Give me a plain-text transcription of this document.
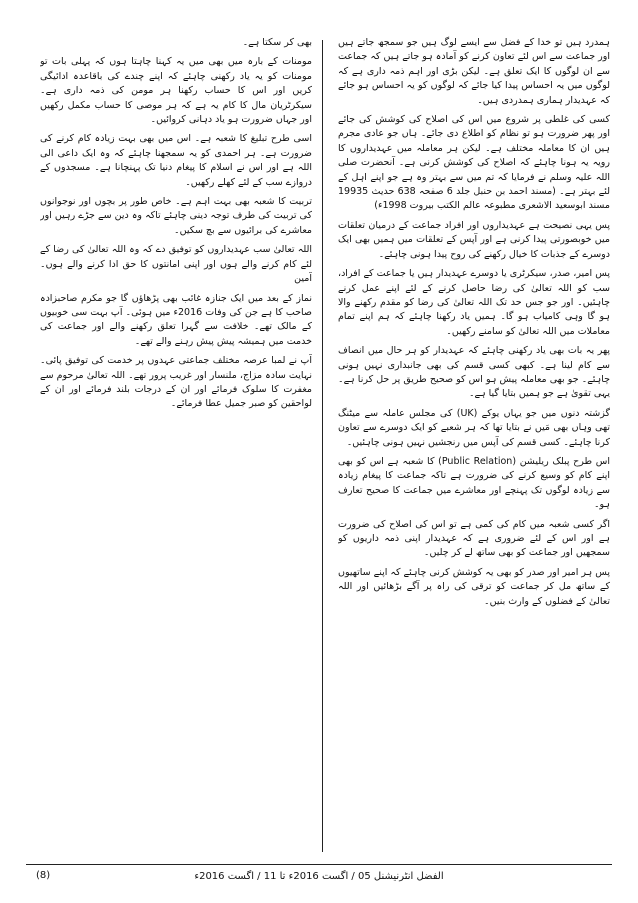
ہمدرد ہیں تو خدا کے فضل سے ایسے لوگ ہیں جو سمجھ جاتے ہیں اور جماعت سے اس لئے تعاون کرنے کو آمادہ ہو جاتے ہیں کہ جماعت سے ان لوگوں کا ایک تعلق ہے۔ لیکن بڑی اور اہم ذمہ داری ہے کہ لوگوں میں یہ احساس پیدا کیا جائے کہ لوگوں کو یہ احساس ہو جائے کہ عہدیدار ہماری ہمدردی ہیں۔

کسی کی غلطی پر شروع میں اس کی اصلاح کی کوشش کی جائے اور پھر ضرورت ہو تو نظام کو اطلاع دی جائے۔ ہاں جو عادی مجرم ہیں ان کا معاملہ مختلف ہے۔ لیکن ہر معاملہ میں عہدیداروں کا رویہ یہ ہونا چاہئے کہ اصلاح کی کوشش کرنی ہے۔ آنحضرت صلی اللہ علیہ وسلم نے فرمایا کہ تم میں سے بہتر وہ ہے جو اپنے اہل کے لئے بہتر ہے۔ (مسند احمد بن حنبل جلد 6 صفحہ 638 حدیث 19935 مسند ابوسعید الاشعری مطبوعہ عالم الکتب بیروت 1998ء)

پس یہی نصیحت ہے عہدیداروں اور افراد جماعت کے درمیان تعلقات میں خوبصورتی پیدا کرنی ہے اور آپس کے تعلقات میں ہمیں بھی ایک دوسرے کے جذبات کا خیال رکھنے کی روح پیدا ہونی چاہئے۔

پس امیر، صدر، سیکرٹری یا دوسرے عہدیدار ہیں یا جماعت کے افراد، سب کو اللہ تعالیٰ کی رضا حاصل کرنے کے لئے اپنے عمل کرنے چاہئیں۔ اور جو جس حد تک اللہ تعالیٰ کی رضا کو مقدم رکھنے والا ہو گا وہی کامیاب ہو گا۔ ہمیں یاد رکھنا چاہئے کہ ہم اپنے تمام معاملات میں اللہ تعالیٰ کو سامنے رکھیں۔

پھر یہ بات بھی یاد رکھنی چاہئے کہ عہدیدار کو ہر حال میں انصاف سے کام لینا ہے۔ کبھی کسی قسم کی بھی جانبداری نہیں ہونی چاہئے۔ جو بھی معاملہ پیش ہو اس کو صحیح طریق پر حل کرنا ہے۔ یہی تقویٰ ہے جو ہمیں بتایا گیا ہے۔

گزشتہ دنوں میں جو یہاں یوکے (UK) کی مجلس عاملہ سے میٹنگ تھی وہاں بھی مَیں نے بتایا تھا کہ ہر شعبے کو ایک دوسرے سے تعاون کرنا چاہئے۔ کسی قسم کی آپس میں رنجشیں نہیں ہونی چاہئیں۔

اس طرح پبلک ریلیشن (Public Relation) کا شعبہ ہے اس کو بھی اپنے کام کو وسیع کرنے کی ضرورت ہے تاکہ جماعت کا پیغام زیادہ سے زیادہ لوگوں تک پہنچے اور معاشرے میں جماعت کا صحیح تعارف ہو۔

اگر کسی شعبہ میں کام کی کمی ہے تو اس کی اصلاح کی ضرورت ہے اور اس کے لئے ضروری ہے کہ عہدیدار اپنی ذمہ داریوں کو سمجھیں اور جماعت کو بھی ساتھ لے کر چلیں۔

پس ہر امیر اور صدر کو بھی یہ کوشش کرنی چاہئے کہ اپنے ساتھیوں کے ساتھ مل کر جماعت کو ترقی کی راہ پر آگے بڑھائیں اور اللہ تعالیٰ کے فضلوں کے وارث بنیں۔

بھی کر سکتا ہے۔

مومنات کے بارہ میں بھی میں یہ کہنا چاہتا ہوں کہ پہلی بات تو مومنات کو یہ یاد رکھنی چاہئے کہ اپنے چندے کی باقاعدہ ادائیگی کریں اور اس کا حساب رکھنا ہر مومن کی ذمہ داری ہے۔ سیکرٹریان مال کا کام یہ ہے کہ ہر موصی کا حساب مکمل رکھیں اور جہاں ضرورت ہو یاد دہانی کروائیں۔

اسی طرح تبلیغ کا شعبہ ہے۔ اس میں بھی بہت زیادہ کام کرنے کی ضرورت ہے۔ ہر احمدی کو یہ سمجھنا چاہئے کہ وہ ایک داعی الی اللہ ہے اور اس نے اسلام کا پیغام دنیا تک پہنچانا ہے۔ مسجدوں کے دروازے سب کے لئے کھلے رکھیں۔

تربیت کا شعبہ بھی بہت اہم ہے۔ خاص طور پر بچوں اور نوجوانوں کی تربیت کی طرف توجہ دینی چاہئے تاکہ وہ دین سے جڑے رہیں اور معاشرے کی برائیوں سے بچ سکیں۔

اللہ تعالیٰ سب عہدیداروں کو توفیق دے کہ وہ اللہ تعالیٰ کی رضا کے لئے کام کرنے والے ہوں اور اپنی امانتوں کا حق ادا کرنے والے ہوں۔ آمین

نماز کے بعد میں ایک جنازہ غائب بھی پڑھاؤں گا جو مکرم صاحبزادہ صاحب کا ہے جن کی وفات 2016ء میں ہوئی۔ آپ بہت سی خوبیوں کے مالک تھے۔ خلافت سے گہرا تعلق رکھنے والے اور جماعت کی خدمت میں ہمیشہ پیش پیش رہنے والے تھے۔

آپ نے لمبا عرصہ مختلف جماعتی عہدوں پر خدمت کی توفیق پائی۔ نہایت سادہ مزاج، ملنسار اور غریب پرور تھے۔ اللہ تعالیٰ مرحوم سے مغفرت کا سلوک فرمائے اور ان کے درجات بلند فرمائے اور ان کے لواحقین کو صبر جمیل عطا فرمائے۔

الفضل انٹرنیشنل 05 / اگست 2016ء تا 11 / اگست 2016ء
(8)
